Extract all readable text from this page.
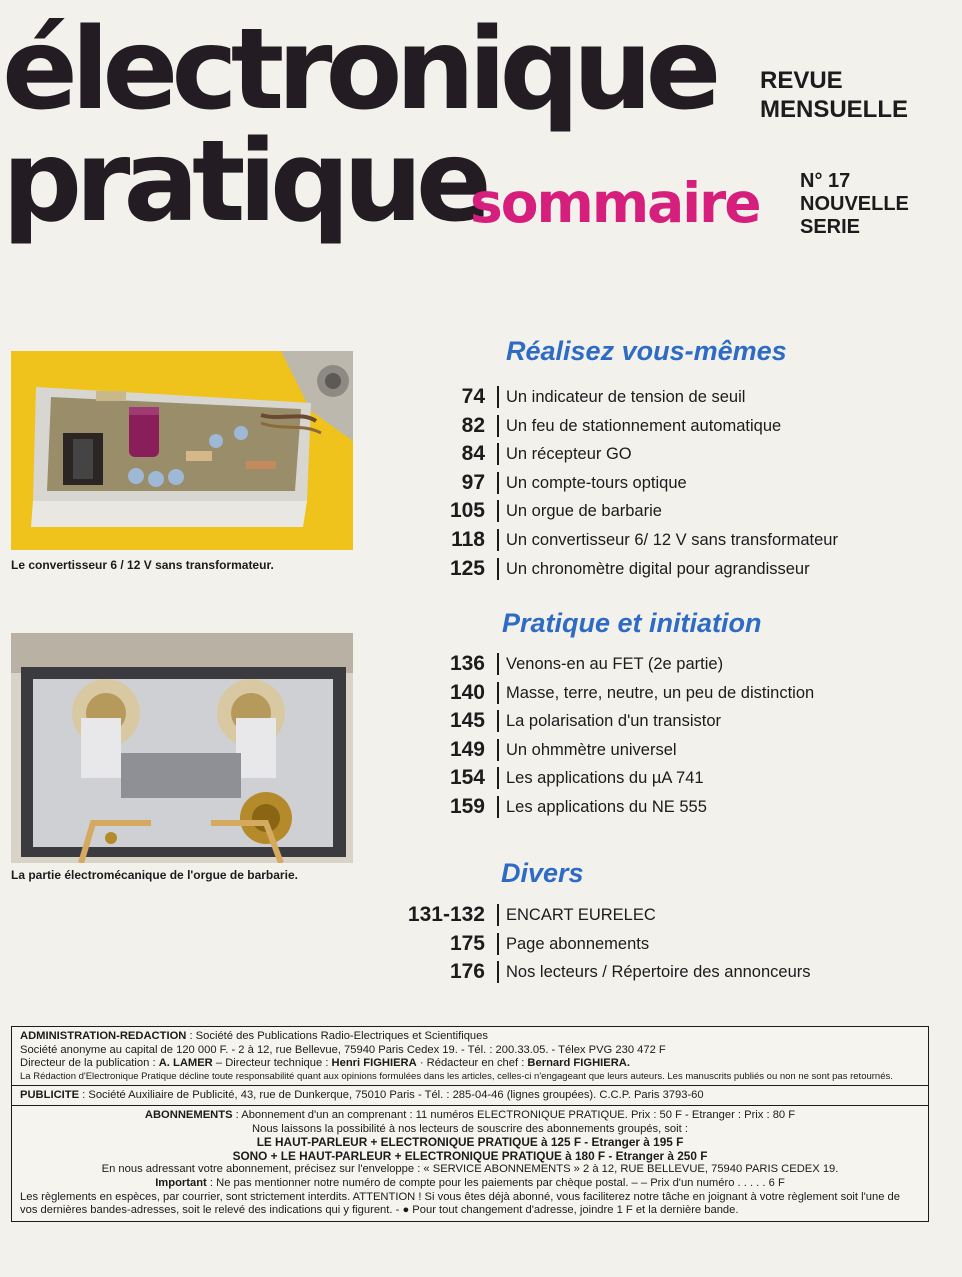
électronique
pratique
sommaire
REVUE
MENSUELLE
N° 17
NOUVELLE
SERIE
Le convertisseur 6 / 12 V sans transformateur.
La partie électromécanique de l'orgue de barbarie.
Réalisez vous-mêmes
74	Un indicateur de tension de seuil
82	Un feu de stationnement automatique
84	Un récepteur GO
97	Un compte-tours optique
105	Un orgue de barbarie
118	Un convertisseur 6/ 12 V sans transformateur
125	Un chronomètre digital pour agrandisseur
Pratique et initiation
136	Venons-en au FET (2e partie)
140	Masse, terre, neutre, un peu de distinction
145	La polarisation d'un transistor
149	Un ohmmètre universel
154	Les applications du µA 741
159	Les applications du NE 555
Divers
131-132	ENCART EURELEC
175	Page abonnements
176	Nos lecteurs / Répertoire des annonceurs
ADMINISTRATION-REDACTION : Société des Publications Radio-Electriques et Scientifiques
Société anonyme au capital de 120 000 F. - 2 à 12, rue Bellevue, 75940 Paris Cedex 19. - Tél. : 200.33.05. - Télex PVG 230 472 F
Directeur de la publication : A. LAMER – Directeur technique : Henri FIGHIERA · Rédacteur en chef : Bernard FIGHIERA.
La Rédaction d'Electronique Pratique décline toute responsabilité quant aux opinions formulées dans les articles, celles-ci n'engageant que leurs auteurs. Les manuscrits publiés ou non ne sont pas retournés.
PUBLICITE : Société Auxiliaire de Publicité, 43, rue de Dunkerque, 75010 Paris - Tél. : 285-04-46 (lignes groupées). C.C.P. Paris 3793-60
ABONNEMENTS : Abonnement d'un an comprenant : 11 numéros ELECTRONIQUE PRATIQUE. Prix : 50 F - Etranger : Prix : 80 F
Nous laissons la possibilité à nos lecteurs de souscrire des abonnements groupés, soit :
LE HAUT-PARLEUR + ELECTRONIQUE PRATIQUE à 125 F - Etranger à 195 F
SONO + LE HAUT-PARLEUR + ELECTRONIQUE PRATIQUE à 180 F - Etranger à 250 F
En nous adressant votre abonnement, précisez sur l'enveloppe : « SERVICE ABONNEMENTS » 2 à 12, RUE BELLEVUE, 75940 PARIS CEDEX 19.
Important : Ne pas mentionner notre numéro de compte pour les paiements par chèque postal. – – Prix d'un numéro . . . . . 6 F
Les règlements en espèces, par courrier, sont strictement interdits. ATTENTION ! Si vous êtes déjà abonné, vous faciliterez notre tâche en joignant à votre règlement soit l'une de vos dernières bandes-adresses, soit le relevé des indications qui y figurent. - ● Pour tout changement d'adresse, joindre 1 F et la dernière bande.
